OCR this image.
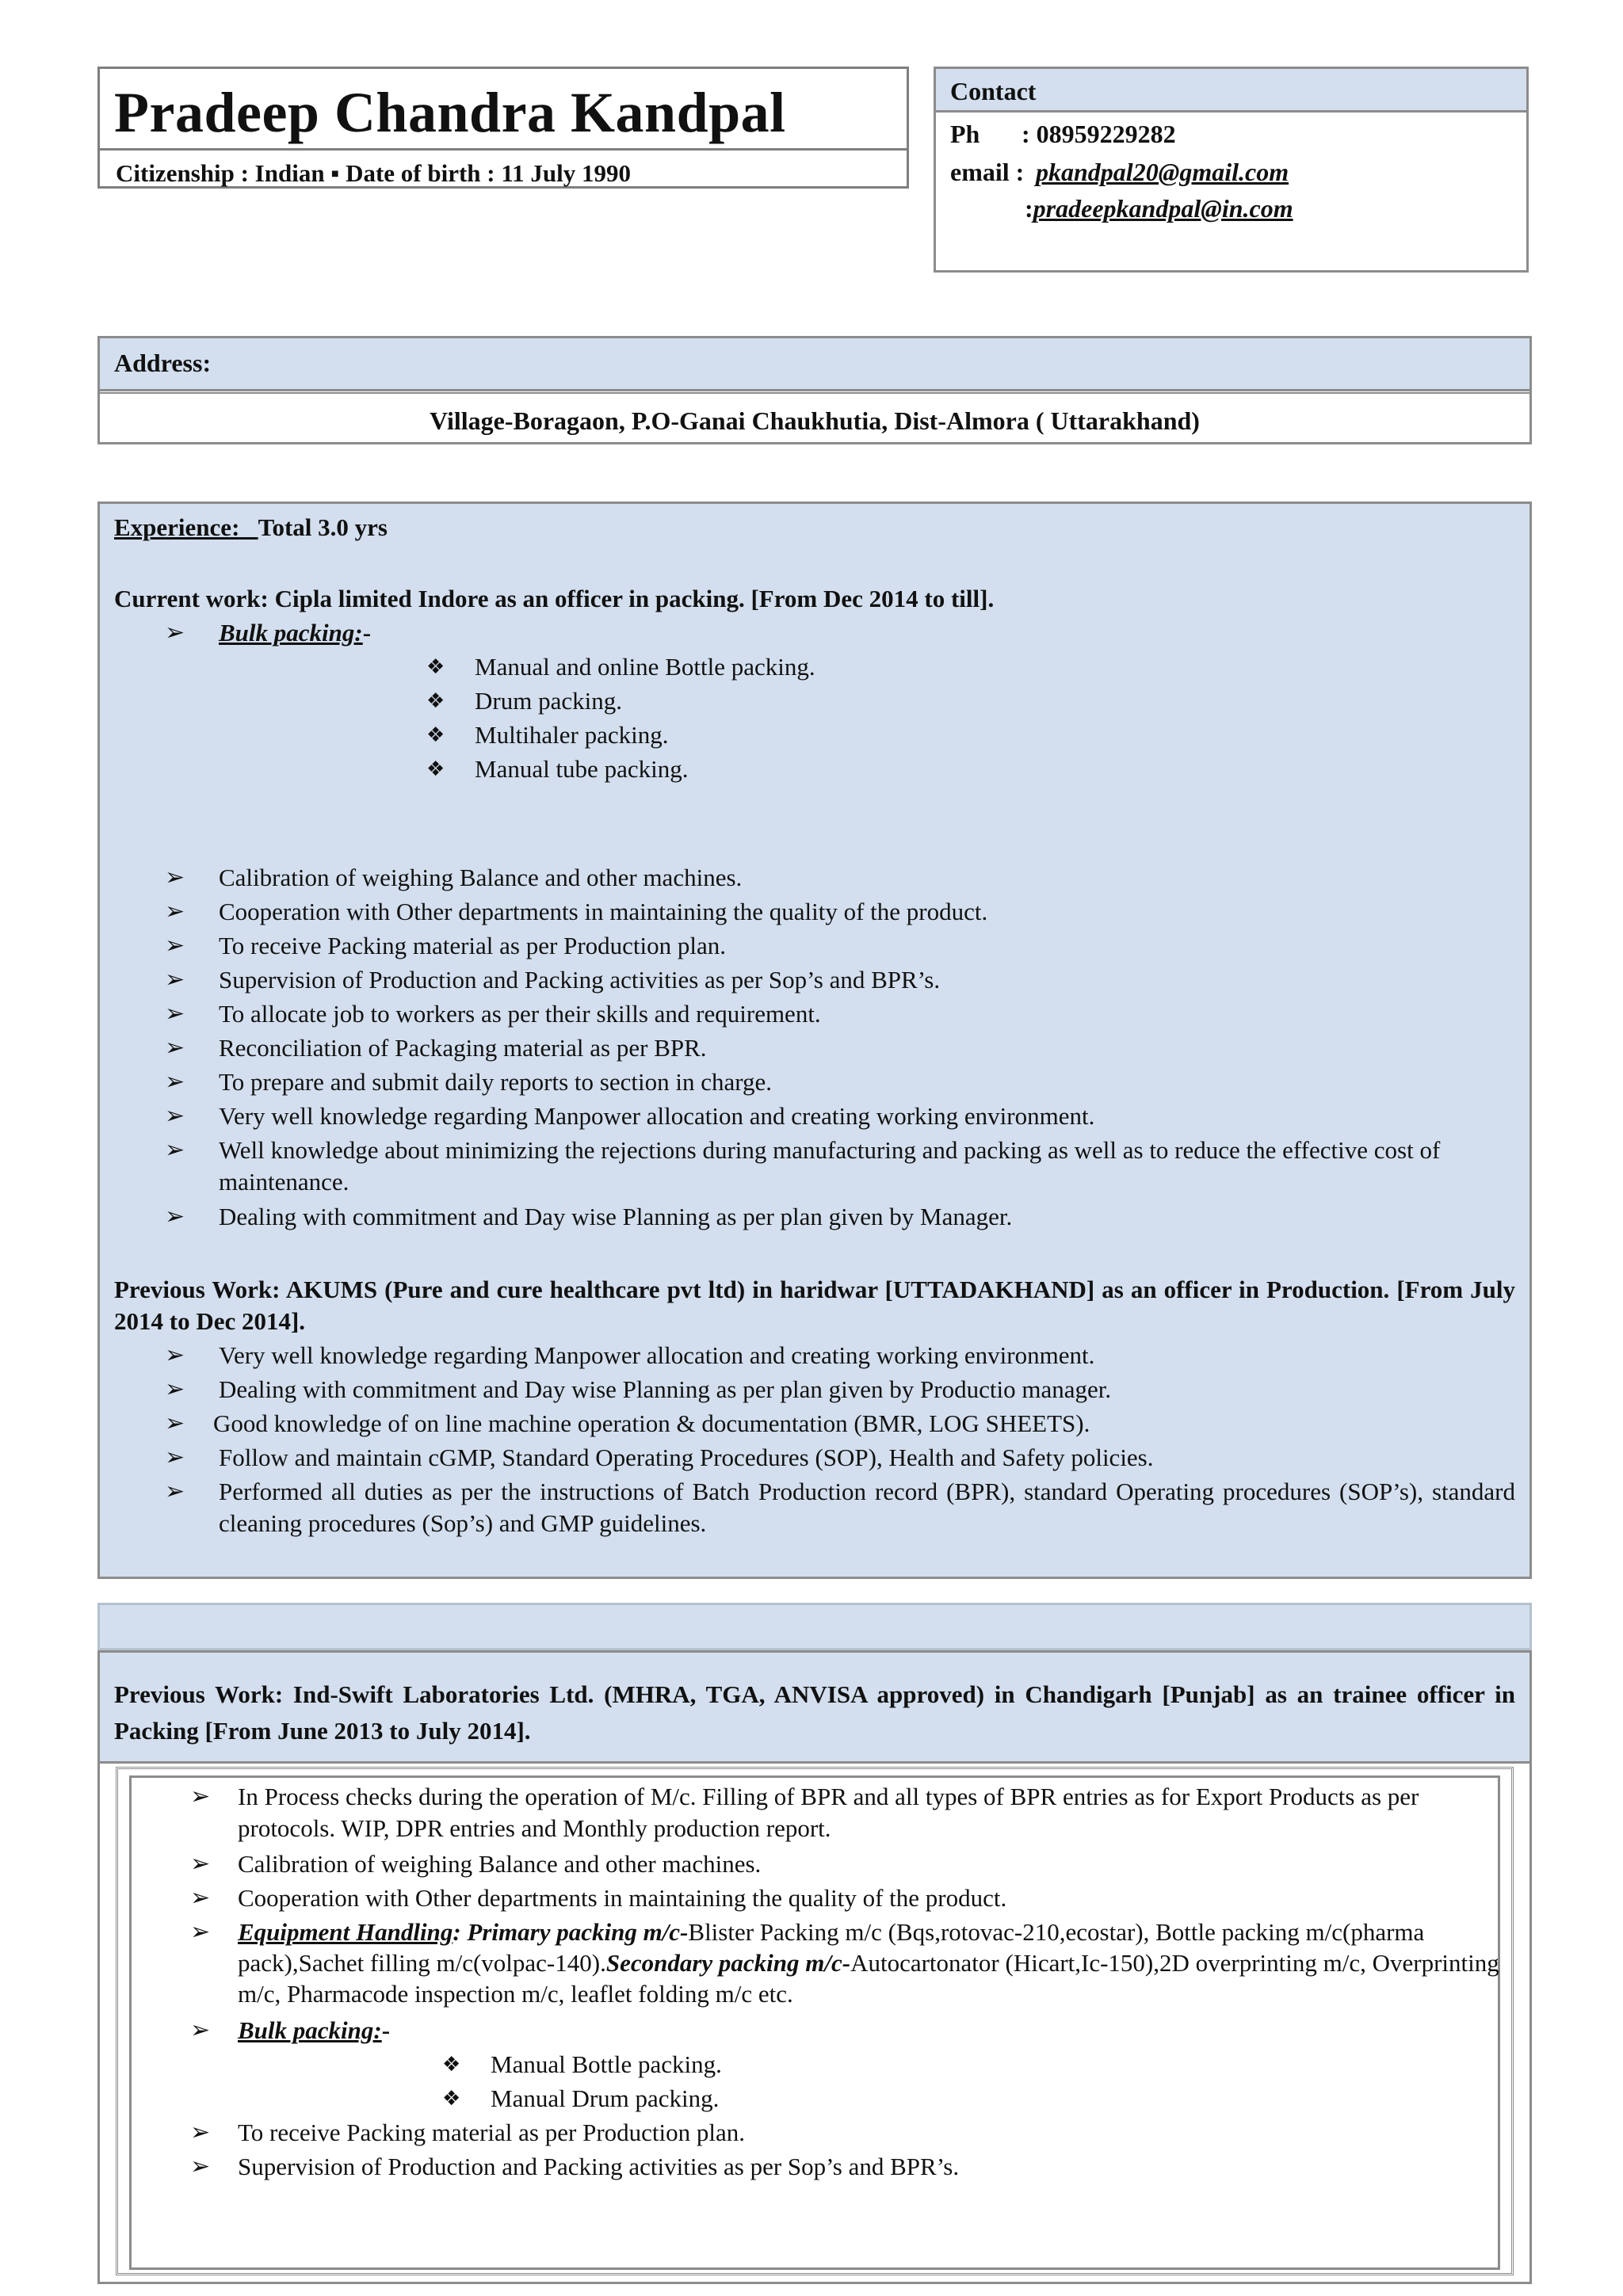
Pradeep Chandra Kandpal
Citizenship : Indian ▪ Date of birth : 11 July 1990
Contact
Ph : 08959229282
email : pkandpal20@gmail.com
:pradeepkandpal@in.com
Address:
Village-Boragaon, P.O-Ganai Chaukhutia, Dist-Almora ( Uttarakhand)
Experience: Total 3.0 yrs
Current work: Cipla limited Indore as an officer in packing. [From Dec 2014 to till].
➢ Bulk packing:-
❖ Manual and online Bottle packing.
❖ Drum packing.
❖ Multihaler packing.
❖ Manual tube packing.
➢ Calibration of weighing Balance and other machines.
➢ Cooperation with Other departments in maintaining the quality of the product.
➢ To receive Packing material as per Production plan.
➢ Supervision of Production and Packing activities as per Sop’s and BPR’s.
➢ To allocate job to workers as per their skills and requirement.
➢ Reconciliation of Packaging material as per BPR.
➢ To prepare and submit daily reports to section in charge.
➢ Very well knowledge regarding Manpower allocation and creating working environment.
➢ Well knowledge about minimizing the rejections during manufacturing and packing as well as to reduce the effective cost of maintenance.
➢ Dealing with commitment and Day wise Planning as per plan given by Manager.
Previous Work: AKUMS (Pure and cure healthcare pvt ltd) in haridwar [UTTADAKHAND] as an officer in Production. [From July 2014 to Dec 2014].
➢ Very well knowledge regarding Manpower allocation and creating working environment.
➢ Dealing with commitment and Day wise Planning as per plan given by Productio manager.
➢ Good knowledge of on line machine operation & documentation (BMR, LOG SHEETS).
➢ Follow and maintain cGMP, Standard Operating Procedures (SOP), Health and Safety policies.
➢ Performed all duties as per the instructions of Batch Production record (BPR), standard Operating procedures (SOP’s), standard cleaning procedures (Sop’s) and GMP guidelines.
Previous Work: Ind-Swift Laboratories Ltd. (MHRA, TGA, ANVISA approved) in Chandigarh [Punjab] as an trainee officer in Packing [From June 2013 to July 2014].
➢ In Process checks during the operation of M/c. Filling of BPR and all types of BPR entries as for Export Products as per protocols. WIP, DPR entries and Monthly production report.
➢ Calibration of weighing Balance and other machines.
➢ Cooperation with Other departments in maintaining the quality of the product.
➢ Equipment Handling: Primary packing m/c-Blister Packing m/c (Bqs,rotovac-210,ecostar), Bottle packing m/c(pharma pack),Sachet filling m/c(volpac-140).Secondary packing m/c-Autocartonator (Hicart,Ic-150),2D overprinting m/c, Overprinting m/c, Pharmacode inspection m/c, leaflet folding m/c etc.
➢ Bulk packing:-
❖ Manual Bottle packing.
❖ Manual Drum packing.
➢ To receive Packing material as per Production plan.
➢ Supervision of Production and Packing activities as per Sop’s and BPR’s.
